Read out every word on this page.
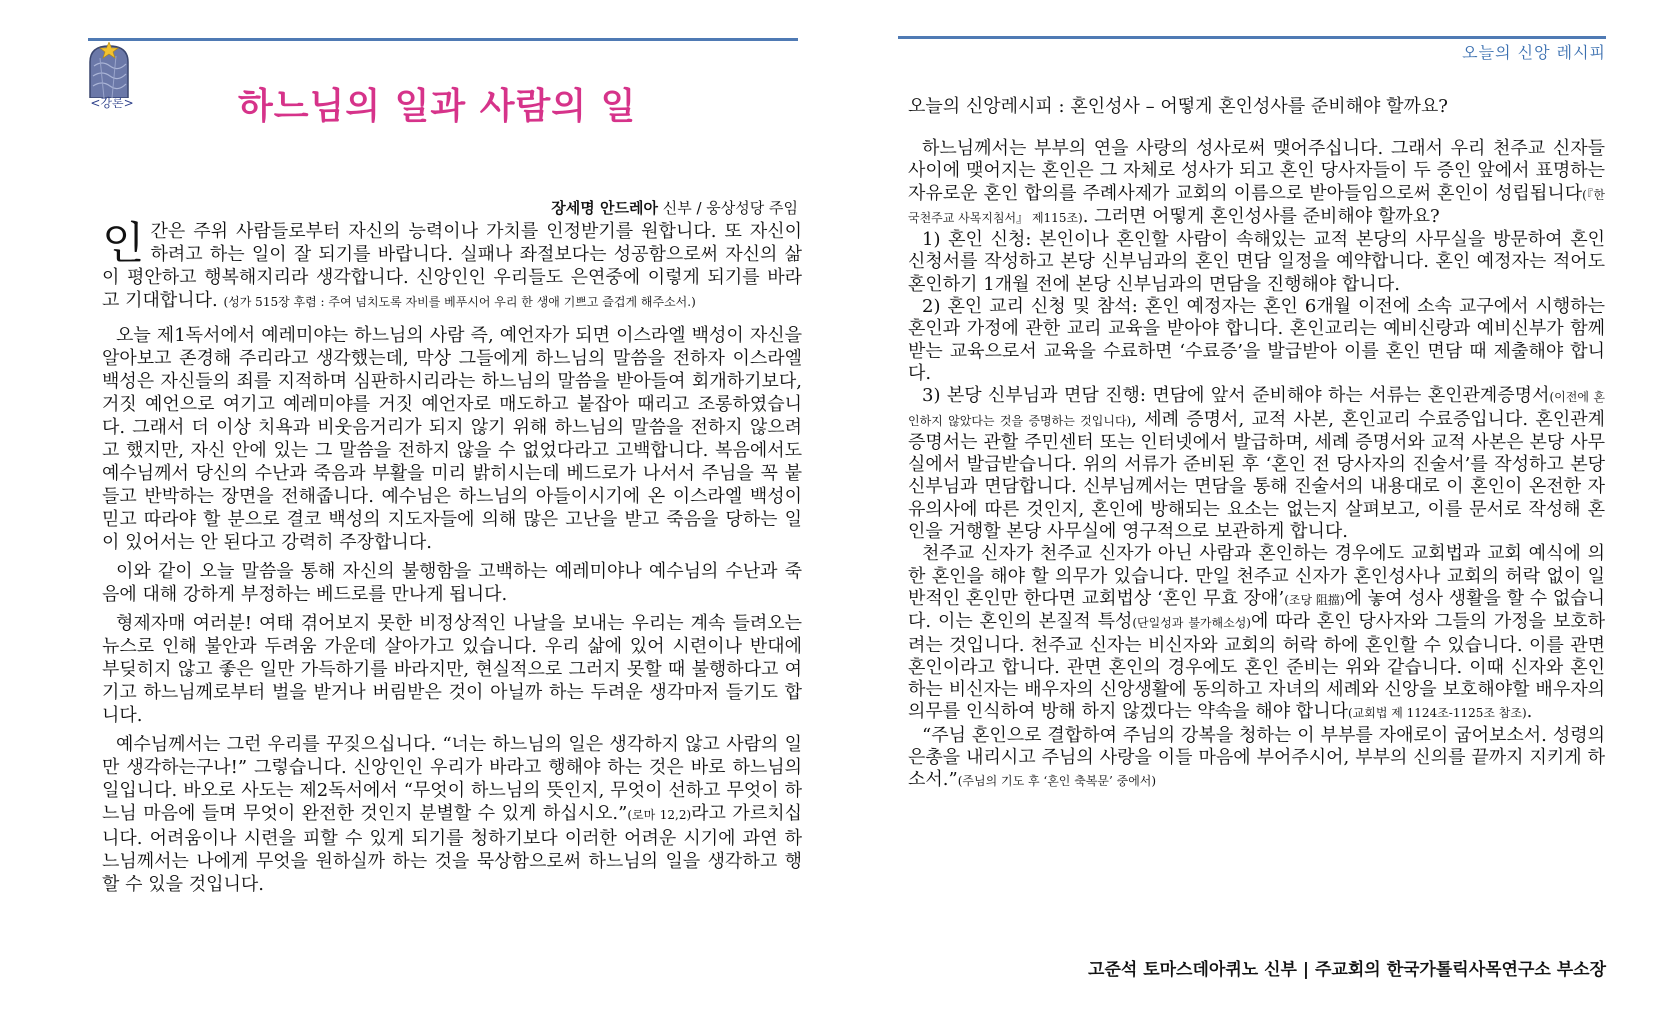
<강론>	하느님의 일과 사람의 일

장세명 안드레아 신부 / 웅상성당 주임

인간은 주위 사람들로부터 자신의 능력이나 가치를 인정받기를 원합니다. 또 자신이 하려고 하는 일이 잘 되기를 바랍니다. 실패나 좌절보다는 성공함으로써 자신의 삶이 평안하고 행복해지리라 생각합니다. 신앙인인 우리들도 은연중에 이렇게 되기를 바라고 기대합니다. (성가 515장 후렴 : 주여 넘치도록 자비를 베푸시어 우리 한 생애 기쁘고 즐겁게 해주소서.)

오늘 제1독서에서 예레미야는 하느님의 사람 즉, 예언자가 되면 이스라엘 백성이 자신을 알아보고 존경해 주리라고 생각했는데, 막상 그들에게 하느님의 말씀을 전하자 이스라엘 백성은 자신들의 죄를 지적하며 심판하시리라는 하느님의 말씀을 받아들여 회개하기보다, 거짓 예언으로 여기고 예레미야를 거짓 예언자로 매도하고 붙잡아 때리고 조롱하였습니다. 그래서 더 이상 치욕과 비웃음거리가 되지 않기 위해 하느님의 말씀을 전하지 않으려고 했지만, 자신 안에 있는 그 말씀을 전하지 않을 수 없었다라고 고백합니다. 복음에서도 예수님께서 당신의 수난과 죽음과 부활을 미리 밝히시는데 베드로가 나서서 주님을 꼭 붙들고 반박하는 장면을 전해줍니다. 예수님은 하느님의 아들이시기에 온 이스라엘 백성이 믿고 따라야 할 분으로 결코 백성의 지도자들에 의해 많은 고난을 받고 죽음을 당하는 일이 있어서는 안 된다고 강력히 주장합니다.

이와 같이 오늘 말씀을 통해 자신의 불행함을 고백하는 예레미야나 예수님의 수난과 죽음에 대해 강하게 부정하는 베드로를 만나게 됩니다.

형제자매 여러분! 여태 겪어보지 못한 비정상적인 나날을 보내는 우리는 계속 들려오는 뉴스로 인해 불안과 두려움 가운데 살아가고 있습니다. 우리 삶에 있어 시련이나 반대에 부딪히지 않고 좋은 일만 가득하기를 바라지만, 현실적으로 그러지 못할 때 불행하다고 여기고 하느님께로부터 벌을 받거나 버림받은 것이 아닐까 하는 두려운 생각마저 들기도 합니다.

예수님께서는 그런 우리를 꾸짖으십니다. “너는 하느님의 일은 생각하지 않고 사람의 일만 생각하는구나!” 그렇습니다. 신앙인인 우리가 바라고 행해야 하는 것은 바로 하느님의 일입니다. 바오로 사도는 제2독서에서 “무엇이 하느님의 뜻인지, 무엇이 선하고 무엇이 하느님 마음에 들며 무엇이 완전한 것인지 분별할 수 있게 하십시오.”(로마 12,2)라고 가르치십니다. 어려움이나 시련을 피할 수 있게 되기를 청하기보다 이러한 어려운 시기에 과연 하느님께서는 나에게 무엇을 원하실까 하는 것을 묵상함으로써 하느님의 일을 생각하고 행할 수 있을 것입니다.

오늘의 신앙 레시피

오늘의 신앙레시피 : 혼인성사 – 어떻게 혼인성사를 준비해야 할까요?

하느님께서는 부부의 연을 사랑의 성사로써 맺어주십니다. 그래서 우리 천주교 신자들 사이에 맺어지는 혼인은 그 자체로 성사가 되고 혼인 당사자들이 두 증인 앞에서 표명하는 자유로운 혼인 합의를 주례사제가 교회의 이름으로 받아들임으로써 혼인이 성립됩니다(『한국천주교 사목지침서』 제115조). 그러면 어떻게 혼인성사를 준비해야 할까요?

1) 혼인 신청: 본인이나 혼인할 사람이 속해있는 교적 본당의 사무실을 방문하여 혼인 신청서를 작성하고 본당 신부님과의 혼인 면담 일정을 예약합니다. 혼인 예정자는 적어도 혼인하기 1개월 전에 본당 신부님과의 면담을 진행해야 합니다.

2) 혼인 교리 신청 및 참석: 혼인 예정자는 혼인 6개월 이전에 소속 교구에서 시행하는 혼인과 가정에 관한 교리 교육을 받아야 합니다. 혼인교리는 예비신랑과 예비신부가 함께 받는 교육으로서 교육을 수료하면 ‘수료증’을 발급받아 이를 혼인 면담 때 제출해야 합니다.

3) 본당 신부님과 면담 진행: 면담에 앞서 준비해야 하는 서류는 혼인관계증명서(이전에 혼인하지 않았다는 것을 증명하는 것입니다), 세례 증명서, 교적 사본, 혼인교리 수료증입니다. 혼인관계 증명서는 관할 주민센터 또는 인터넷에서 발급하며, 세례 증명서와 교적 사본은 본당 사무실에서 발급받습니다. 위의 서류가 준비된 후 ‘혼인 전 당사자의 진술서’를 작성하고 본당 신부님과 면담합니다. 신부님께서는 면담을 통해 진술서의 내용대로 이 혼인이 온전한 자유의사에 따른 것인지, 혼인에 방해되는 요소는 없는지 살펴보고, 이를 문서로 작성해 혼인을 거행할 본당 사무실에 영구적으로 보관하게 합니다.

천주교 신자가 천주교 신자가 아닌 사람과 혼인하는 경우에도 교회법과 교회 예식에 의한 혼인을 해야 할 의무가 있습니다. 만일 천주교 신자가 혼인성사나 교회의 허락 없이 일반적인 혼인만 한다면 교회법상 ‘혼인 무효 장애’(조당 阻擋)에 놓여 성사 생활을 할 수 없습니다. 이는 혼인의 본질적 특성(단일성과 불가해소성)에 따라 혼인 당사자와 그들의 가정을 보호하려는 것입니다. 천주교 신자는 비신자와 교회의 허락 하에 혼인할 수 있습니다. 이를 관면혼인이라고 합니다. 관면 혼인의 경우에도 혼인 준비는 위와 같습니다. 이때 신자와 혼인하는 비신자는 배우자의 신앙생활에 동의하고 자녀의 세례와 신앙을 보호해야할 배우자의 의무를 인식하여 방해 하지 않겠다는 약속을 해야 합니다(교회법 제 1124조-1125조 참조).

“주님 혼인으로 결합하여 주님의 강복을 청하는 이 부부를 자애로이 굽어보소서. 성령의 은총을 내리시고 주님의 사랑을 이들 마음에 부어주시어, 부부의 신의를 끝까지 지키게 하소서.”(주님의 기도 후 ‘혼인 축복문’ 중에서)

고준석 토마스데아퀴노 신부 | 주교회의 한국가톨릭사목연구소 부소장
